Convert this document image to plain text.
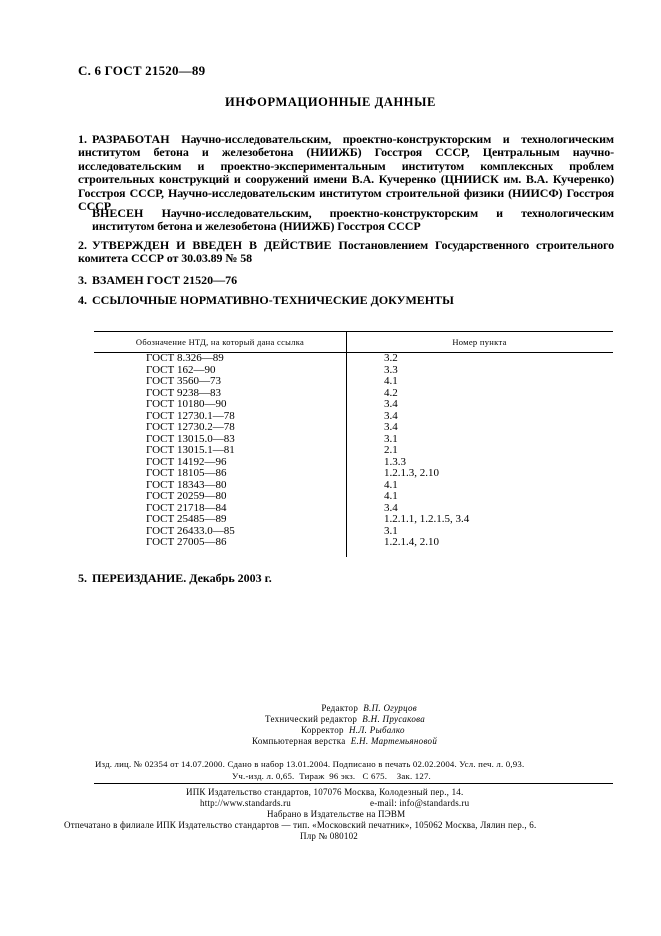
С. 6 ГОСТ 21520—89
ИНФОРМАЦИОННЫЕ ДАННЫЕ
1. РАЗРАБОТАН Научно-исследовательским, проектно-конструкторским и технологическим институтом бетона и железобетона (НИИЖБ) Госстроя СССР, Центральным научно-исследовательским и проектно-экспериментальным институтом комплексных проблем строительных конструкций и сооружений имени В.А. Кучеренко (ЦНИИСК им. В.А. Кучеренко) Госстроя СССР, Научно-исследовательским институтом строительной физики (НИИСФ) Госстроя СССР
ВНЕСЕН Научно-исследовательским, проектно-конструкторским и технологическим институтом бетона и железобетона (НИИЖБ) Госстроя СССР
2. УТВЕРЖДЕН И ВВЕДЕН В ДЕЙСТВИЕ Постановлением Государственного строительного комитета СССР от 30.03.89 № 58
3. ВЗАМЕН ГОСТ 21520—76
4. ССЫЛОЧНЫЕ НОРМАТИВНО-ТЕХНИЧЕСКИЕ ДОКУМЕНТЫ
Обозначение НТД, на который дана ссылка	Номер пункта
ГОСТ 8.326—89	3.2
ГОСТ 162—90	3.3
ГОСТ 3560—73	4.1
ГОСТ 9238—83	4.2
ГОСТ 10180—90	3.4
ГОСТ 12730.1—78	3.4
ГОСТ 12730.2—78	3.4
ГОСТ 13015.0—83	3.1
ГОСТ 13015.1—81	2.1
ГОСТ 14192—96	1.3.3
ГОСТ 18105—86	1.2.1.3, 2.10
ГОСТ 18343—80	4.1
ГОСТ 20259—80	4.1
ГОСТ 21718—84	3.4
ГОСТ 25485—89	1.2.1.1, 1.2.1.5, 3.4
ГОСТ 26433.0—85	3.1
ГОСТ 27005—86	1.2.1.4, 2.10
5. ПЕРЕИЗДАНИЕ. Декабрь 2003 г.
Редактор В.П. Огурцов
Технический редактор В.Н. Прусакова
Корректор Н.Л. Рыбалко
Компьютерная верстка Е.Н. Мартемьяновой
Изд. лиц. № 02354 от 14.07.2000. Сдано в набор 13.01.2004. Подписано в печать 02.02.2004. Усл. печ. л. 0,93.
Уч.-изд. л. 0,65.  Тираж  96 экз.   С 675.    Зак. 127.
ИПК Издательство стандартов, 107076 Москва, Колодезный пер., 14.
http://www.standards.ru	e-mail: info@standards.ru
Набрано в Издательстве на ПЭВМ
Отпечатано в филиале ИПК Издательство стандартов — тип. «Московский печатник», 105062 Москва, Лялин пер., 6.
Плр № 080102
